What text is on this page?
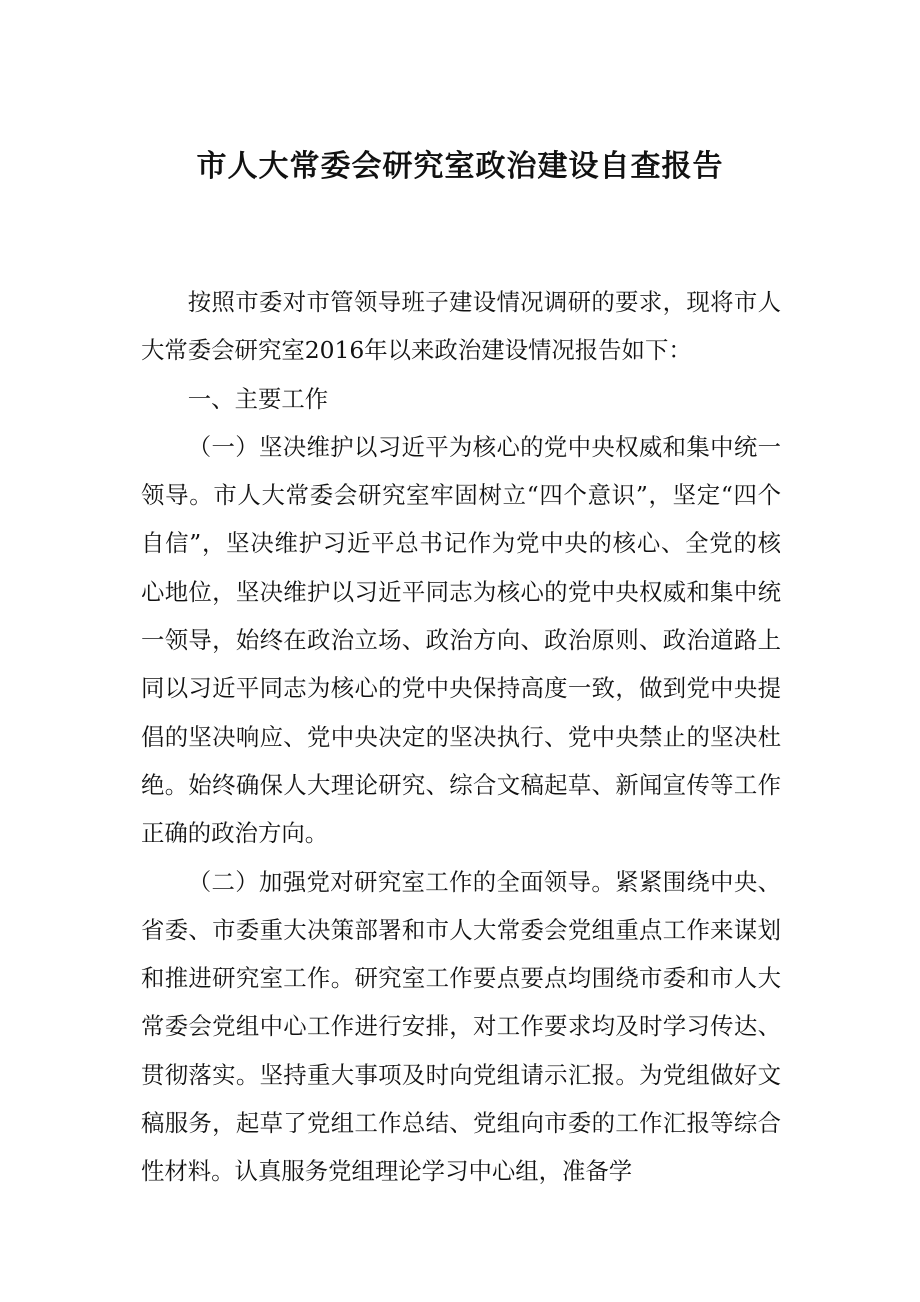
市人大常委会研究室政治建设自查报告

按照市委对市管领导班子建设情况调研的要求，现将市人大常委会研究室2016年以来政治建设情况报告如下：

一、主要工作

（一）坚决维护以习近平为核心的党中央权威和集中统一领导。市人大常委会研究室牢固树立“四个意识”，坚定“四个自信”，坚决维护习近平总书记作为党中央的核心、全党的核心地位，坚决维护以习近平同志为核心的党中央权威和集中统一领导，始终在政治立场、政治方向、政治原则、政治道路上同以习近平同志为核心的党中央保持高度一致，做到党中央提倡的坚决响应、党中央决定的坚决执行、党中央禁止的坚决杜绝。始终确保人大理论研究、综合文稿起草、新闻宣传等工作正确的政治方向。

（二）加强党对研究室工作的全面领导。紧紧围绕中央、省委、市委重大决策部署和市人大常委会党组重点工作来谋划和推进研究室工作。研究室工作要点要点均围绕市委和市人大常委会党组中心工作进行安排，对工作要求均及时学习传达、贯彻落实。坚持重大事项及时向党组请示汇报。为党组做好文稿服务，起草了党组工作总结、党组向市委的工作汇报等综合性材料。认真服务党组理论学习中心组，准备学
